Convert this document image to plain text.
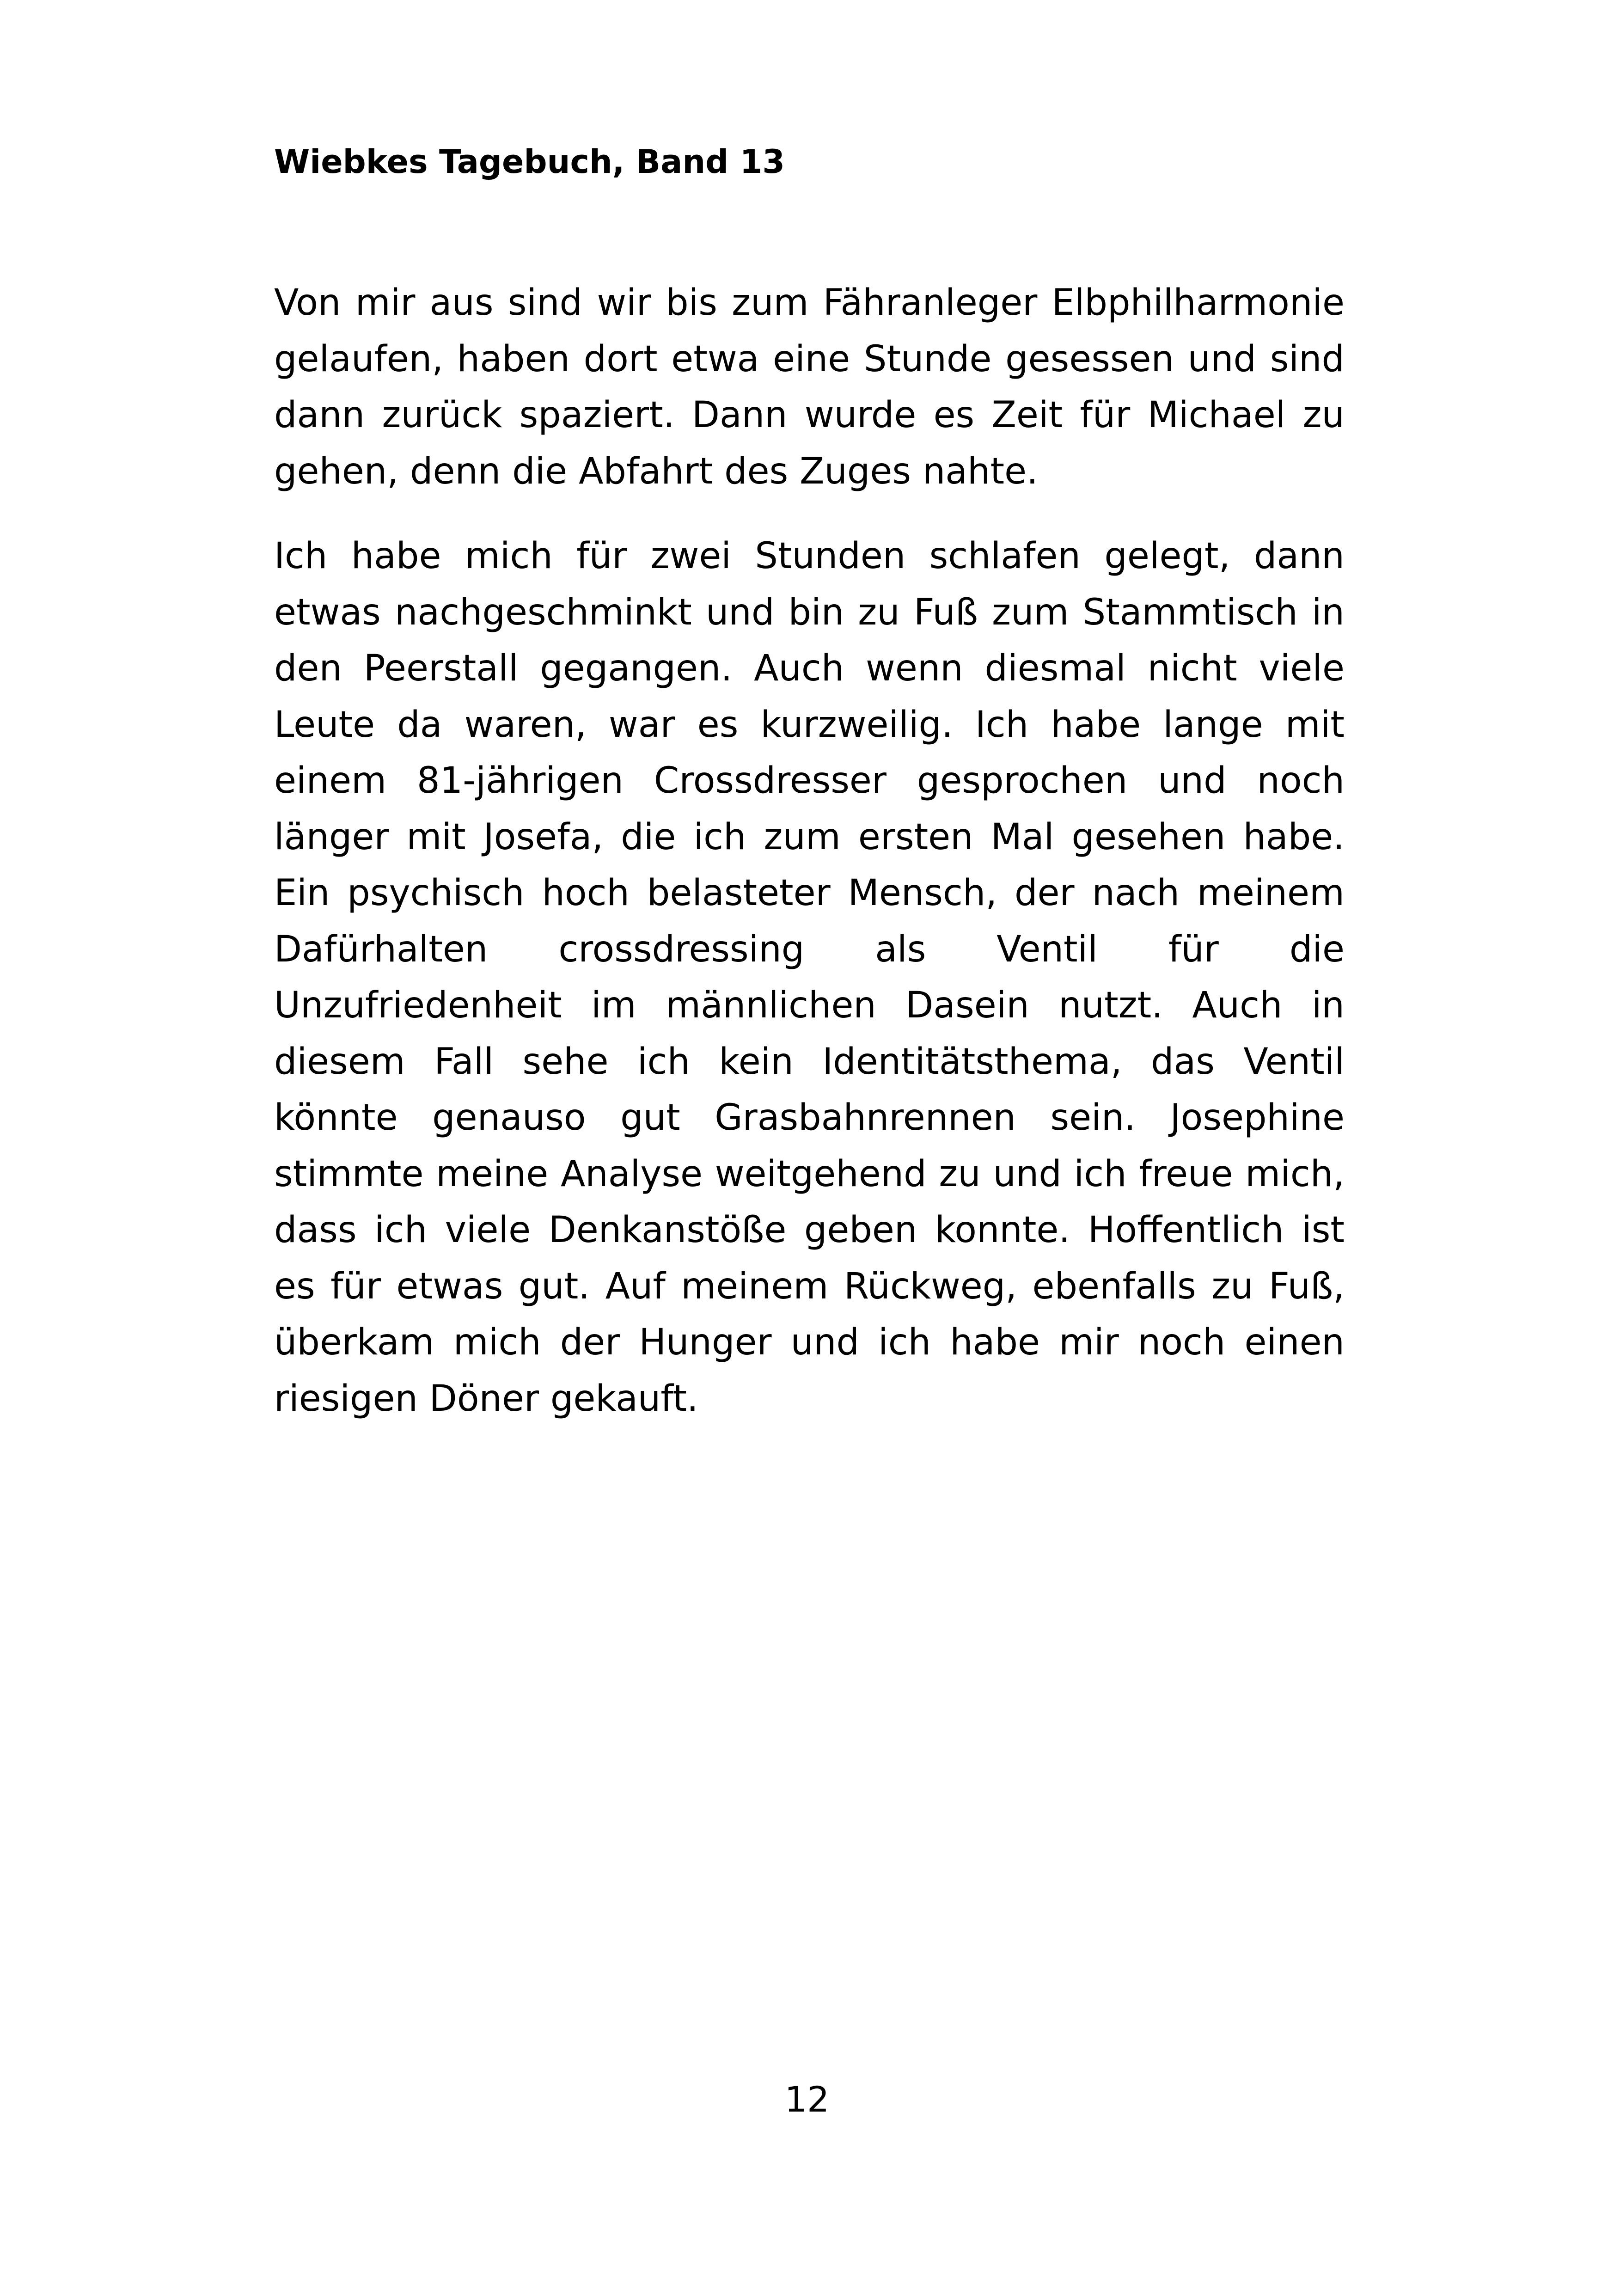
Wiebkes Tagebuch, Band 13

Von mir aus sind wir bis zum Fähranleger Elbphilharmonie gelaufen, haben dort etwa eine Stunde gesessen und sind dann zurück spaziert. Dann wurde es Zeit für Michael zu gehen, denn die Abfahrt des Zuges nahte.

Ich habe mich für zwei Stunden schlafen gelegt, dann etwas nachgeschminkt und bin zu Fuß zum Stammtisch in den Peerstall gegangen. Auch wenn diesmal nicht viele Leute da waren, war es kurzweilig. Ich habe lange mit einem 81-jährigen Crossdresser gesprochen und noch länger mit Josefa, die ich zum ersten Mal gesehen habe. Ein psychisch hoch belasteter Mensch, der nach meinem Dafürhalten crossdressing als Ventil für die Unzufriedenheit im männlichen Dasein nutzt. Auch in diesem Fall sehe ich kein Identitätsthema, das Ventil könnte genauso gut Grasbahnrennen sein. Josephine stimmte meine Analyse weitgehend zu und ich freue mich, dass ich viele Denkanstöße geben konnte. Hoffentlich ist es für etwas gut. Auf meinem Rückweg, ebenfalls zu Fuß, überkam mich der Hunger und ich habe mir noch einen riesigen Döner gekauft.

12
